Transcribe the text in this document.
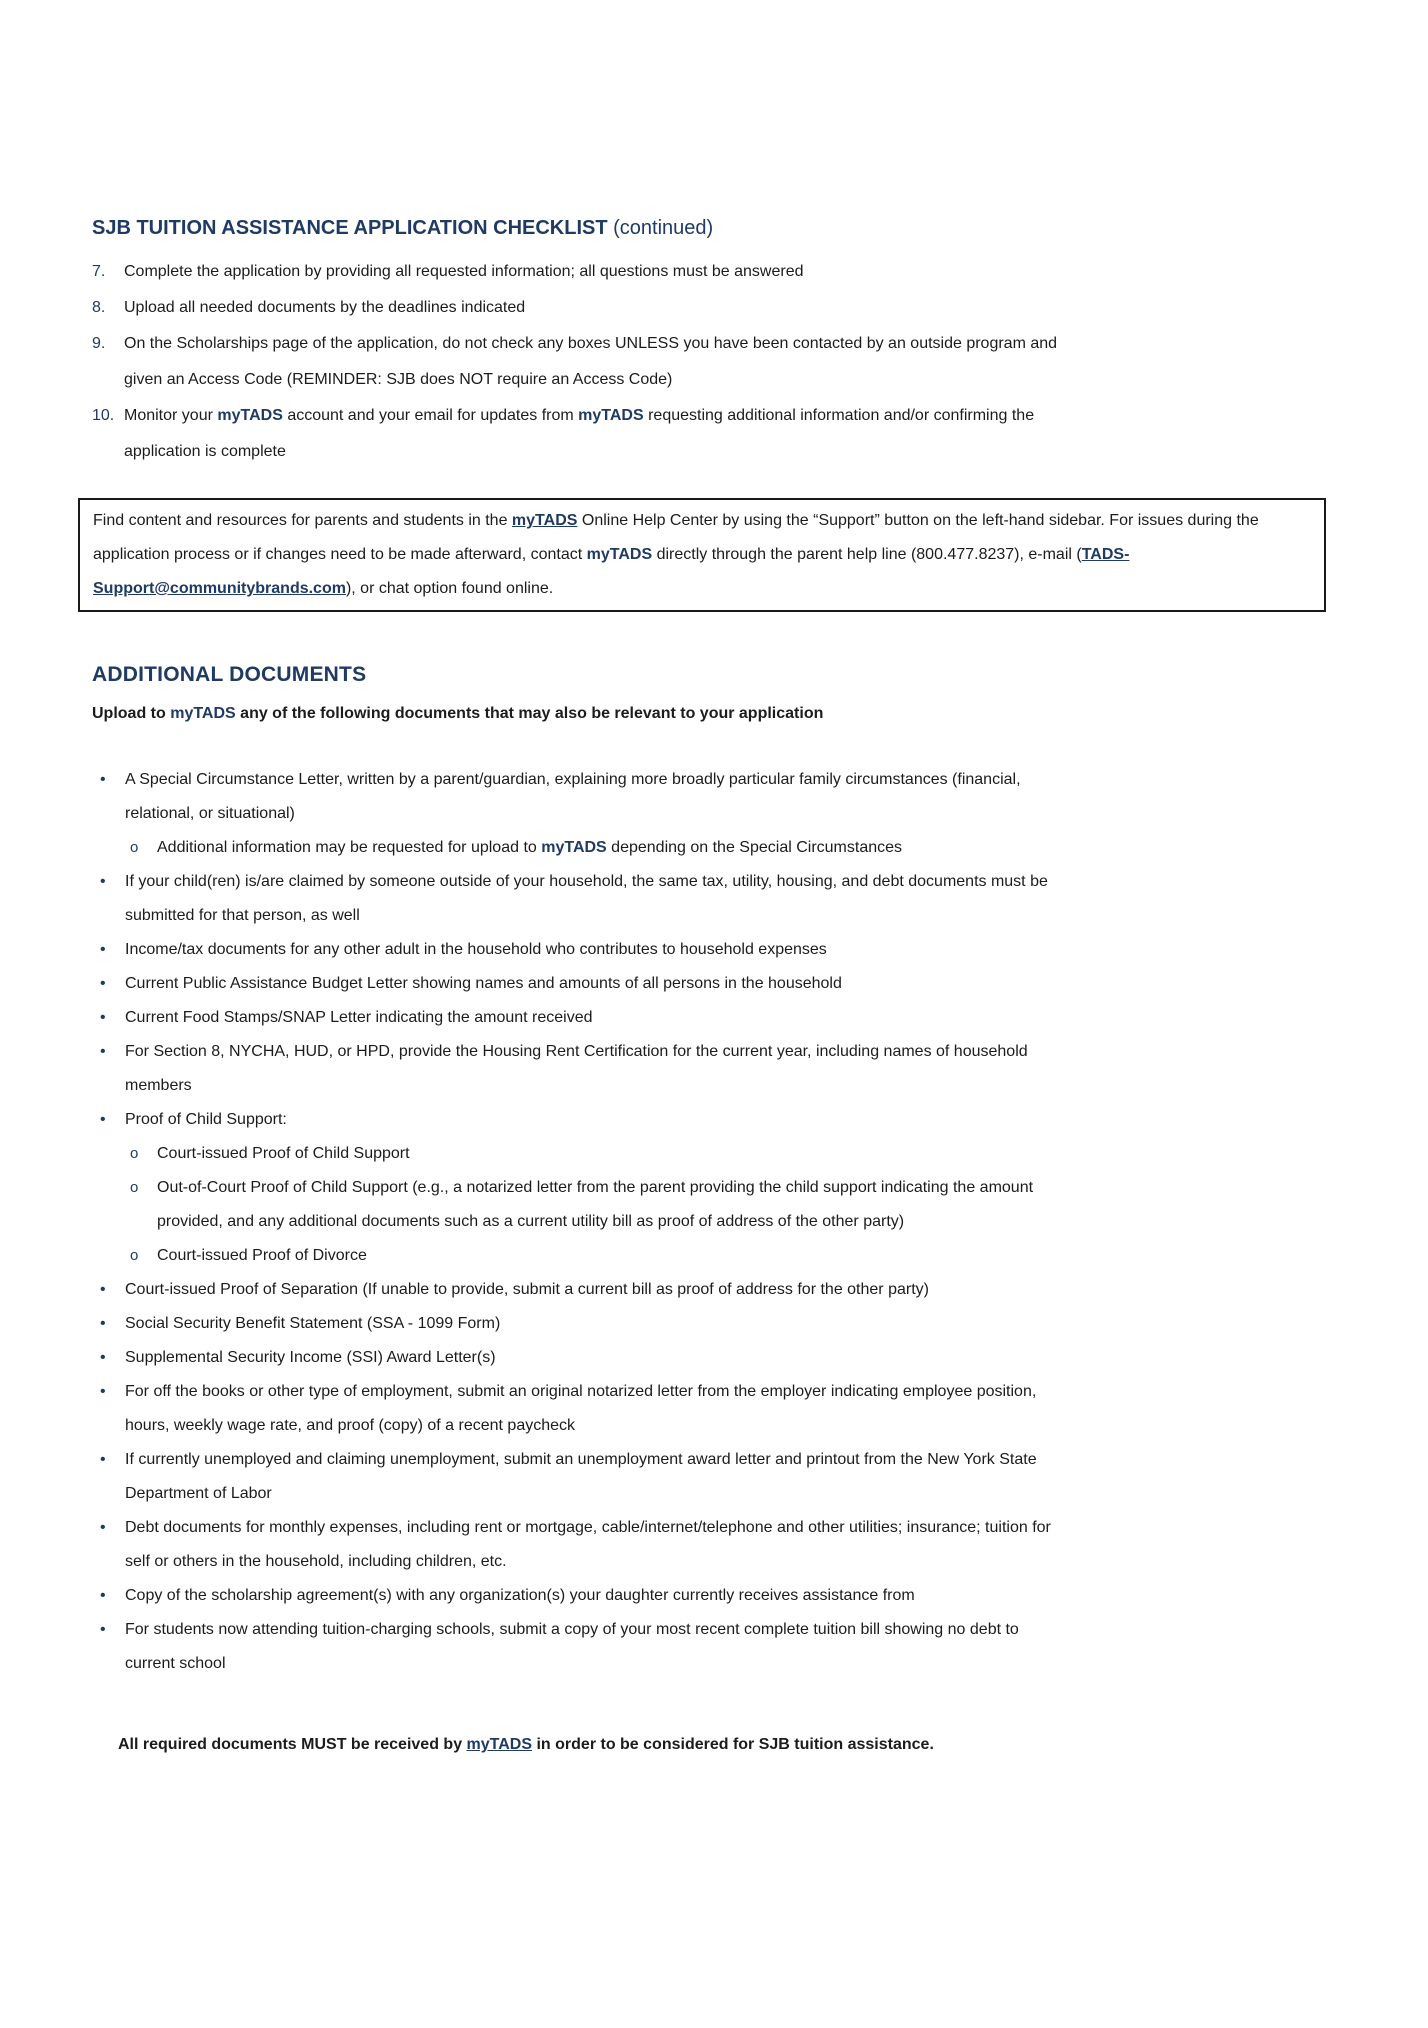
SJB TUITION ASSISTANCE APPLICATION CHECKLIST (continued)
7.	Complete the application by providing all requested information; all questions must be answered
8.	Upload all needed documents by the deadlines indicated
9.	On the Scholarships page of the application, do not check any boxes UNLESS you have been contacted by an outside program and given an Access Code (REMINDER: SJB does NOT require an Access Code)
10. Monitor your myTADS account and your email for updates from myTADS requesting additional information and/or confirming the application is complete
Find content and resources for parents and students in the myTADS Online Help Center by using the “Support” button on the left-hand sidebar. For issues during the application process or if changes need to be made afterward, contact myTADS directly through the parent help line (800.477.8237), e-mail (TADS-Support@communitybrands.com), or chat option found online.
ADDITIONAL DOCUMENTS

Upload to myTADS any of the following documents that may also be relevant to your application

•	A Special Circumstance Letter, written by a parent/guardian, explaining more broadly particular family circumstances (financial, relational, or situational)
o	Additional information may be requested for upload to myTADS depending on the Special Circumstances
•	If your child(ren) is/are claimed by someone outside of your household, the same tax, utility, housing, and debt documents must be submitted for that person, as well
•	Income/tax documents for any other adult in the household who contributes to household expenses
•	Current Public Assistance Budget Letter showing names and amounts of all persons in the household
•	Current Food Stamps/SNAP Letter indicating the amount received
•	For Section 8, NYCHA, HUD, or HPD, provide the Housing Rent Certification for the current year, including names of household members
•	Proof of Child Support:
o	Court-issued Proof of Child Support
o	Out-of-Court Proof of Child Support (e.g., a notarized letter from the parent providing the child support indicating the amount provided, and any additional documents such as a current utility bill as proof of address of the other party)
o	Court-issued Proof of Divorce
•	Court-issued Proof of Separation (If unable to provide, submit a current bill as proof of address for the other party)
•	Social Security Benefit Statement (SSA - 1099 Form)
•	Supplemental Security Income (SSI) Award Letter(s)
•	For off the books or other type of employment, submit an original notarized letter from the employer indicating employee position, hours, weekly wage rate, and proof (copy) of a recent paycheck
•	If currently unemployed and claiming unemployment, submit an unemployment award letter and printout from the New York State Department of Labor
•	Debt documents for monthly expenses, including rent or mortgage, cable/internet/telephone and other utilities; insurance; tuition for self or others in the household, including children, etc.
•	Copy of the scholarship agreement(s) with any organization(s) your daughter currently receives assistance from
•	For students now attending tuition-charging schools, submit a copy of your most recent complete tuition bill showing no debt to current school

All required documents MUST be received by myTADS in order to be considered for SJB tuition assistance.
